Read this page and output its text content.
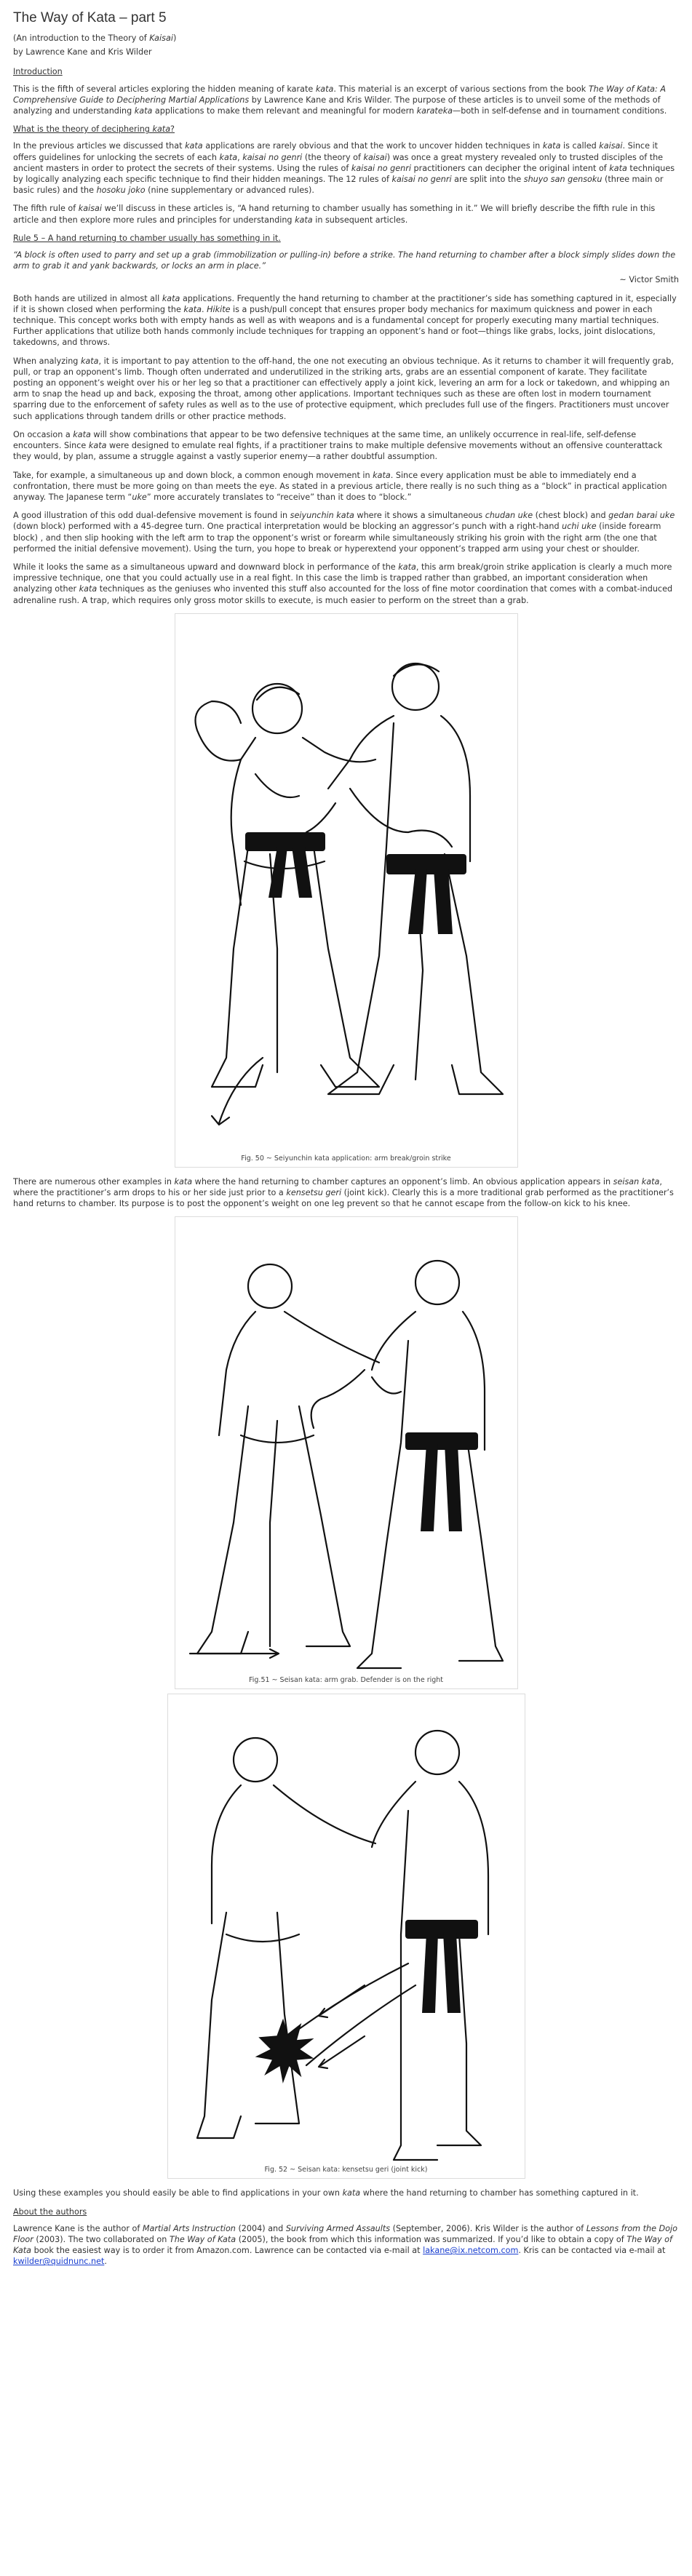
The Way of Kata – part 5

(An introduction to the Theory of Kaisai)

by Lawrence Kane and Kris Wilder

Introduction

This is the fifth of several articles exploring the hidden meaning of karate kata. This material is an excerpt of various sections from the book The Way of Kata: A Comprehensive Guide to Deciphering Martial Applications by Lawrence Kane and Kris Wilder. The purpose of these articles is to unveil some of the methods of analyzing and understanding kata applications to make them relevant and meaningful for modern karateka—both in self-defense and in tournament conditions.

What is the theory of deciphering kata?

In the previous articles we discussed that kata applications are rarely obvious and that the work to uncover hidden techniques in kata is called kaisai. Since it offers guidelines for unlocking the secrets of each kata, kaisai no genri (the theory of kaisai) was once a great mystery revealed only to trusted disciples of the ancient masters in order to protect the secrets of their systems. Using the rules of kaisai no genri practitioners can decipher the original intent of kata techniques by logically analyzing each specific technique to find their hidden meanings. The 12 rules of kaisai no genri are split into the shuyo san gensoku (three main or basic rules) and the hosoku joko (nine supplementary or advanced rules).

The fifth rule of kaisai we’ll discuss in these articles is, “A hand returning to chamber usually has something in it.” We will briefly describe the fifth rule in this article and then explore more rules and principles for understanding kata in subsequent articles.

Rule 5 – A hand returning to chamber usually has something in it.

“A block is often used to parry and set up a grab (immobilization or pulling-in) before a strike. The hand returning to chamber after a block simply slides down the arm to grab it and yank backwards, or locks an arm in place.”

~ Victor Smith

Both hands are utilized in almost all kata applications. Frequently the hand returning to chamber at the practitioner’s side has something captured in it, especially if it is shown closed when performing the kata. Hikite is a push/pull concept that ensures proper body mechanics for maximum quickness and power in each technique. This concept works both with empty hands as well as with weapons and is a fundamental concept for properly executing many martial techniques. Further applications that utilize both hands commonly include techniques for trapping an opponent’s hand or foot—things like grabs, locks, joint dislocations, takedowns, and throws.

When analyzing kata, it is important to pay attention to the off-hand, the one not executing an obvious technique. As it returns to chamber it will frequently grab, pull, or trap an opponent’s limb. Though often underrated and underutilized in the striking arts, grabs are an essential component of karate. They facilitate posting an opponent’s weight over his or her leg so that a practitioner can effectively apply a joint kick, levering an arm for a lock or takedown, and whipping an arm to snap the head up and back, exposing the throat, among other applications. Important techniques such as these are often lost in modern tournament sparring due to the enforcement of safety rules as well as to the use of protective equipment, which precludes full use of the fingers. Practitioners must uncover such applications through tandem drills or other practice methods.

On occasion a kata will show combinations that appear to be two defensive techniques at the same time, an unlikely occurrence in real-life, self-defense encounters. Since kata were designed to emulate real fights, if a practitioner trains to make multiple defensive movements without an offensive counterattack they would, by plan, assume a struggle against a vastly superior enemy—a rather doubtful assumption.

Take, for example, a simultaneous up and down block, a common enough movement in kata. Since every application must be able to immediately end a confrontation, there must be more going on than meets the eye. As stated in a previous article, there really is no such thing as a “block” in practical application anyway. The Japanese term “uke” more accurately translates to “receive” than it does to “block.”

A good illustration of this odd dual-defensive movement is found in seiyunchin kata where it shows a simultaneous chudan uke (chest block) and gedan barai uke (down block) performed with a 45-degree turn. One practical interpretation would be blocking an aggressor’s punch with a right-hand uchi uke (inside forearm block) , and then slip hooking with the left arm to trap the opponent’s wrist or forearm while simultaneously striking his groin with the right arm (the one that performed the initial defensive movement). Using the turn, you hope to break or hyperextend your opponent’s trapped arm using your chest or shoulder.

While it looks the same as a simultaneous upward and downward block in performance of the kata, this arm break/groin strike application is clearly a much more impressive technique, one that you could actually use in a real fight. In this case the limb is trapped rather than grabbed, an important consideration when analyzing other kata techniques as the geniuses who invented this stuff also accounted for the loss of fine motor coordination that comes with a combat-induced adrenaline rush. A trap, which requires only gross motor skills to execute, is much easier to perform on the street than a grab.

Fig. 50 ~ Seiyunchin kata application: arm break/groin strike

There are numerous other examples in kata where the hand returning to chamber captures an opponent’s limb. An obvious application appears in seisan kata, where the practitioner’s arm drops to his or her side just prior to a kensetsu geri (joint kick). Clearly this is a more traditional grab performed as the practitioner’s hand returns to chamber. Its purpose is to post the opponent’s weight on one leg prevent so that he cannot escape from the follow-on kick to his knee.

Fig.51 ~ Seisan kata: arm grab. Defender is on the right
Fig. 52 ~ Seisan kata: kensetsu geri (joint kick)

Using these examples you should easily be able to find applications in your own kata where the hand returning to chamber has something captured in it.

About the authors

Lawrence Kane is the author of Martial Arts Instruction (2004) and Surviving Armed Assaults (September, 2006). Kris Wilder is the author of Lessons from the Dojo Floor (2003). The two collaborated on The Way of Kata (2005), the book from which this information was summarized. If you’d like to obtain a copy of The Way of Kata book the easiest way is to order it from Amazon.com. Lawrence can be contacted via e-mail at lakane@ix.netcom.com. Kris can be contacted via e-mail at kwilder@quidnunc.net.
